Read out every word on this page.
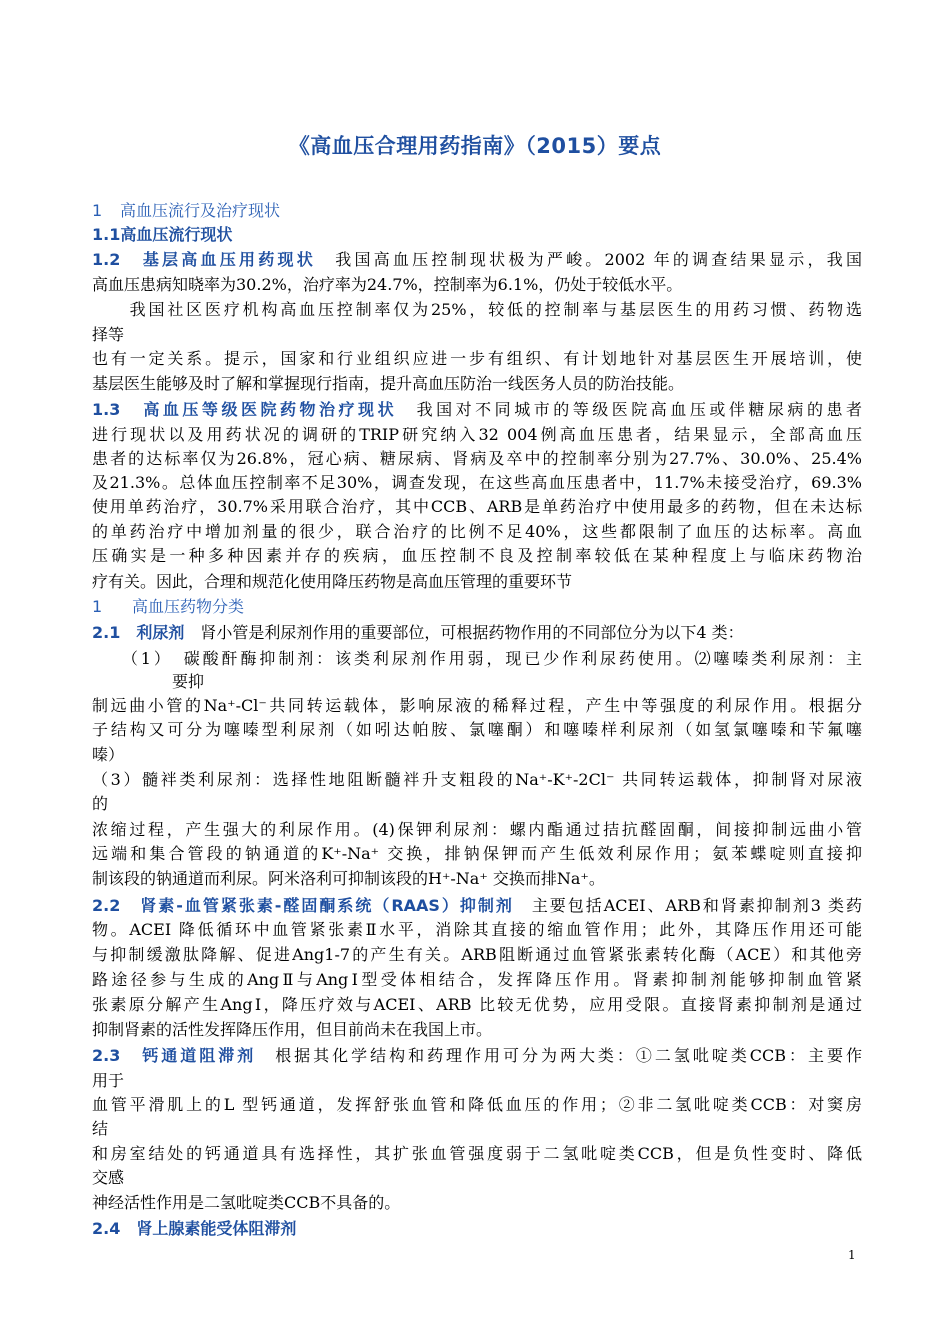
《高血压合理用药指南》（2015）要点
1 高血压流行及治疗现状
1.1高血压流行现状
1.2　基层高血压用药现状　我国高血压控制现状极为严峻。2002 年的调查结果显示，我国
高血压患病知晓率为30.2%，治疗率为24.7%，控制率为6.1%，仍处于较低水平。
　　我国社区医疗机构高血压控制率仅为25%，较低的控制率与基层医生的用药习惯、药物选
择等
也有一定关系。提示，国家和行业组织应进一步有组织、有计划地针对基层医生开展培训，使
基层医生能够及时了解和掌握现行指南，提升高血压防治一线医务人员的防治技能。
1.3　高血压等级医院药物治疗现状　我国对不同城市的等级医院高血压或伴糖尿病的患者
进行现状以及用药状况的调研的TRIP研究纳入32 004例高血压患者，结果显示，全部高血压
患者的达标率仅为26.8%，冠心病、糖尿病、肾病及卒中的控制率分别为27.7%、30.0%、25.4%
及21.3%。总体血压控制率不足30%，调查发现，在这些高血压患者中，11.7%未接受治疗，69.3%
使用单药治疗，30.7%采用联合治疗，其中CCB、ARB是单药治疗中使用最多的药物，但在未达标
的单药治疗中增加剂量的很少，联合治疗的比例不足40%，这些都限制了血压的达标率。高血
压确实是一种多种因素并存的疾病，血压控制不良及控制率较低在某种程度上与临床药物治
疗有关。因此，合理和规范化使用降压药物是高血压管理的重要环节
1 高血压药物分类
2.1　利尿剂　肾小管是利尿剂作用的重要部位，可根据药物作用的不同部位分为以下4 类：
　　（1）　碳酸酐酶抑制剂：该类利尿剂作用弱，现已少作利尿药使用。⑵噻嗪类利尿剂：主
　　　　　要抑
制远曲小管的Na⁺-Cl⁻共同转运载体，影响尿液的稀释过程，产生中等强度的利尿作用。根据分
子结构又可分为噻嗪型利尿剂（如吲达帕胺、氯噻酮）和噻嗪样利尿剂（如氢氯噻嗪和苄氟噻
嗪）
（3）髓袢类利尿剂：选择性地阻断髓袢升支粗段的Na⁺-K⁺-2Cl⁻ 共同转运载体，抑制肾对尿液
的
浓缩过程，产生强大的利尿作用。(4)保钾利尿剂：螺内酯通过拮抗醛固酮，间接抑制远曲小管
远端和集合管段的钠通道的K⁺-Na⁺ 交换，排钠保钾而产生低效利尿作用；氨苯蝶啶则直接抑
制该段的钠通道而利尿。阿米洛利可抑制该段的H⁺-Na⁺ 交换而排Na⁺。
2.2　肾素-血管紧张素-醛固酮系统（RAAS）抑制剂　主要包括ACEI、ARB和肾素抑制剂3 类药
物。ACEI 降低循环中血管紧张素Ⅱ水平，消除其直接的缩血管作用；此外，其降压作用还可能
与抑制缓激肽降解、促进Ang1-7的产生有关。ARB阻断通过血管紧张素转化酶（ACE）和其他旁
路途径参与生成的AngⅡ与AngⅠ型受体相结合，发挥降压作用。肾素抑制剂能够抑制血管紧
张素原分解产生AngⅠ，降压疗效与ACEI、ARB 比较无优势，应用受限。直接肾素抑制剂是通过
抑制肾素的活性发挥降压作用，但目前尚未在我国上市。
2.3　钙通道阻滞剂　根据其化学结构和药理作用可分为两大类：①二氢吡啶类CCB：主要作
用于
血管平滑肌上的L 型钙通道，发挥舒张血管和降低血压的作用；②非二氢吡啶类CCB：对窦房
结
和房室结处的钙通道具有选择性，其扩张血管强度弱于二氢吡啶类CCB，但是负性变时、降低
交感
神经活性作用是二氢吡啶类CCB不具备的。
2.4　肾上腺素能受体阻滞剂
1
